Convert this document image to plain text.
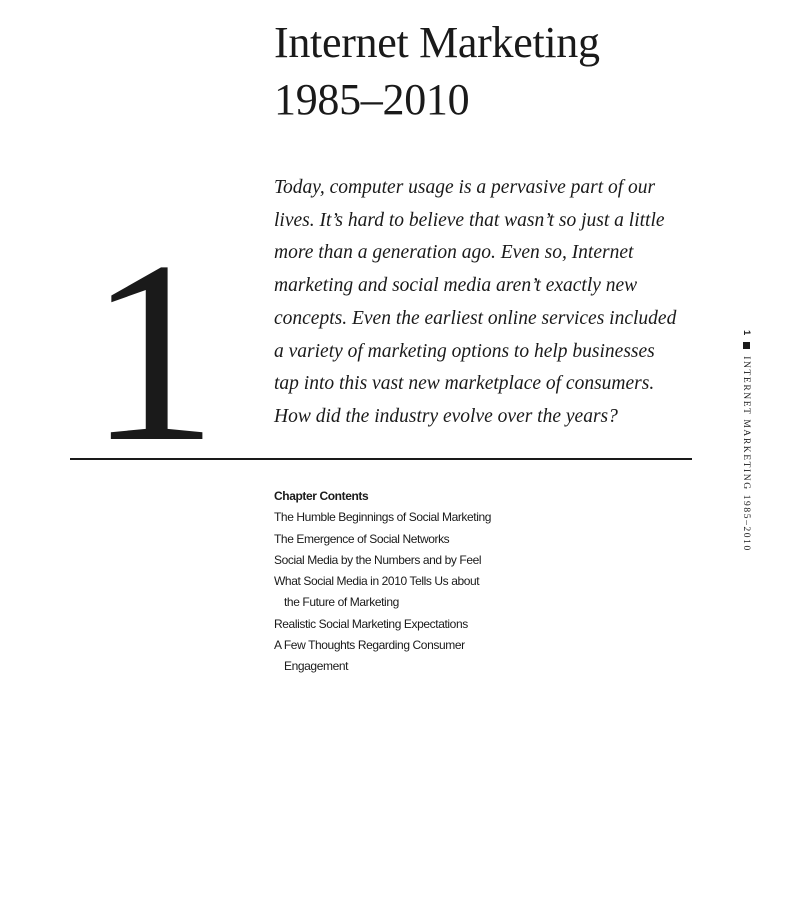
Internet Marketing
1985–2010
1

Today, computer usage is a pervasive part of our
lives. It’s hard to believe that wasn’t so just a little
more than a generation ago. Even so, Internet
marketing and social media aren’t exactly new
concepts. Even the earliest online services included
a variety of marketing options to help businesses
tap into this vast new marketplace of consumers.
How did the industry evolve over the years?

Chapter Contents

The Humble Beginnings of Social Marketing
The Emergence of Social Networks
Social Media by the Numbers and by Feel
What Social Media in 2010 Tells Us about
the Future of Marketing
Realistic Social Marketing Expectations
A Few Thoughts Regarding Consumer
Engagement
1INTERNET MARKETING 1985–2010
